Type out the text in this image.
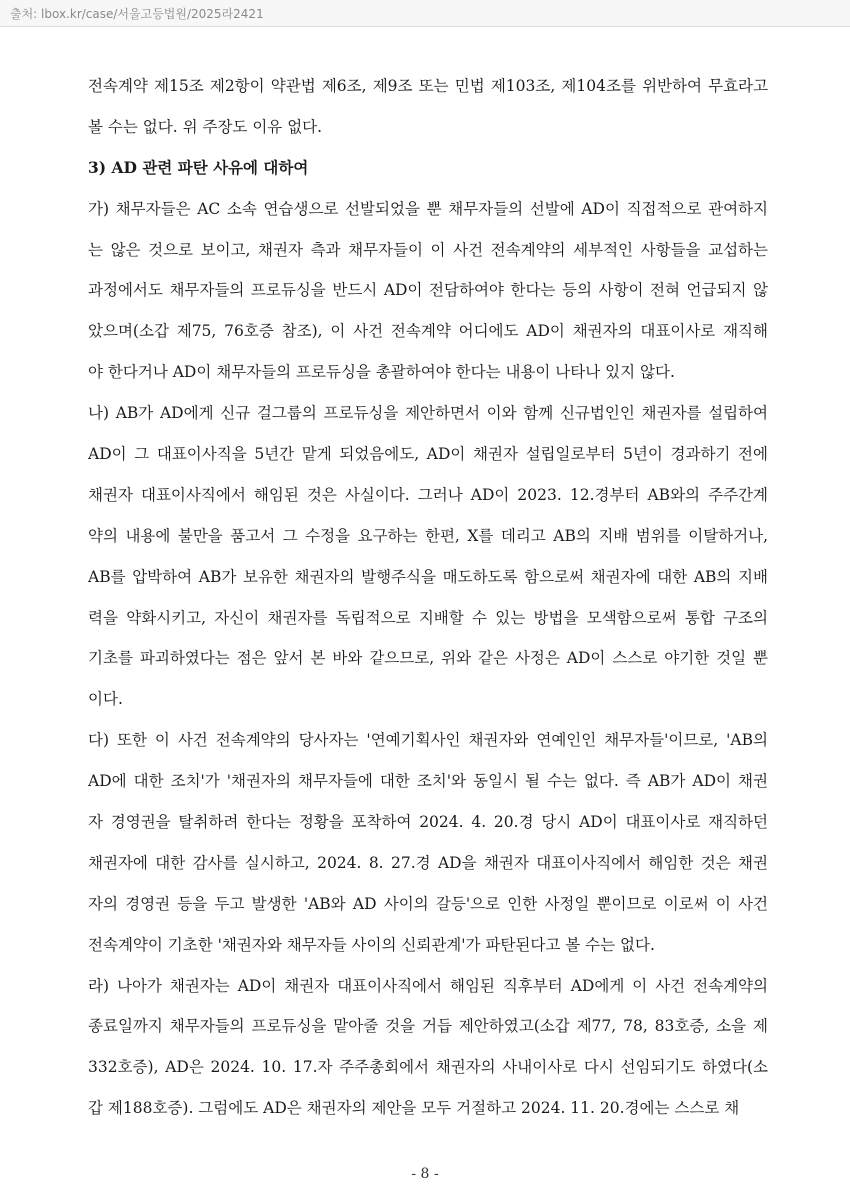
출처: lbox.kr/case/서울고등법원/2025라2421
전속계약 제15조 제2항이 약관법 제6조, 제9조 또는 민법 제103조, 제104조를 위반하여 무효라고
볼 수는 없다. 위 주장도 이유 없다.
3) AD 관련 파탄 사유에 대하여
가) 채무자들은 AC 소속 연습생으로 선발되었을 뿐 채무자들의 선발에 AD이 직접적으로 관여하지
는 않은 것으로 보이고, 채권자 측과 채무자들이 이 사건 전속계약의 세부적인 사항들을 교섭하는
과정에서도 채무자들의 프로듀싱을 반드시 AD이 전담하여야 한다는 등의 사항이 전혀 언급되지 않
았으며(소갑 제75, 76호증 참조), 이 사건 전속계약 어디에도 AD이 채권자의 대표이사로 재직해
야 한다거나 AD이 채무자들의 프로듀싱을 총괄하여야 한다는 내용이 나타나 있지 않다.
나) AB가 AD에게 신규 걸그룹의 프로듀싱을 제안하면서 이와 함께 신규법인인 채권자를 설립하여
AD이 그 대표이사직을 5년간 맡게 되었음에도, AD이 채권자 설립일로부터 5년이 경과하기 전에
채권자 대표이사직에서 해임된 것은 사실이다. 그러나 AD이 2023. 12.경부터 AB와의 주주간계
약의 내용에 불만을 품고서 그 수정을 요구하는 한편, X를 데리고 AB의 지배 범위를 이탈하거나,
AB를 압박하여 AB가 보유한 채권자의 발행주식을 매도하도록 함으로써 채권자에 대한 AB의 지배
력을 약화시키고, 자신이 채권자를 독립적으로 지배할 수 있는 방법을 모색함으로써 통합 구조의
기초를 파괴하였다는 점은 앞서 본 바와 같으므로, 위와 같은 사정은 AD이 스스로 야기한 것일 뿐
이다.
다) 또한 이 사건 전속계약의 당사자는 '연예기획사인 채권자와 연예인인 채무자들'이므로, 'AB의
AD에 대한 조치'가 '채권자의 채무자들에 대한 조치'와 동일시 될 수는 없다. 즉 AB가 AD이 채권
자 경영권을 탈취하려 한다는 정황을 포착하여 2024. 4. 20.경 당시 AD이 대표이사로 재직하던
채권자에 대한 감사를 실시하고, 2024. 8. 27.경 AD을 채권자 대표이사직에서 해임한 것은 채권
자의 경영권 등을 두고 발생한 'AB와 AD 사이의 갈등'으로 인한 사정일 뿐이므로 이로써 이 사건
전속계약이 기초한 '채권자와 채무자들 사이의 신뢰관계'가 파탄된다고 볼 수는 없다.
라) 나아가 채권자는 AD이 채권자 대표이사직에서 해임된 직후부터 AD에게 이 사건 전속계약의
종료일까지 채무자들의 프로듀싱을 맡아줄 것을 거듭 제안하였고(소갑 제77, 78, 83호증, 소을 제
332호증), AD은 2024. 10. 17.자 주주총회에서 채권자의 사내이사로 다시 선임되기도 하였다(소
갑 제188호증). 그럼에도 AD은 채권자의 제안을 모두 거절하고 2024. 11. 20.경에는 스스로 채
- 8 -
